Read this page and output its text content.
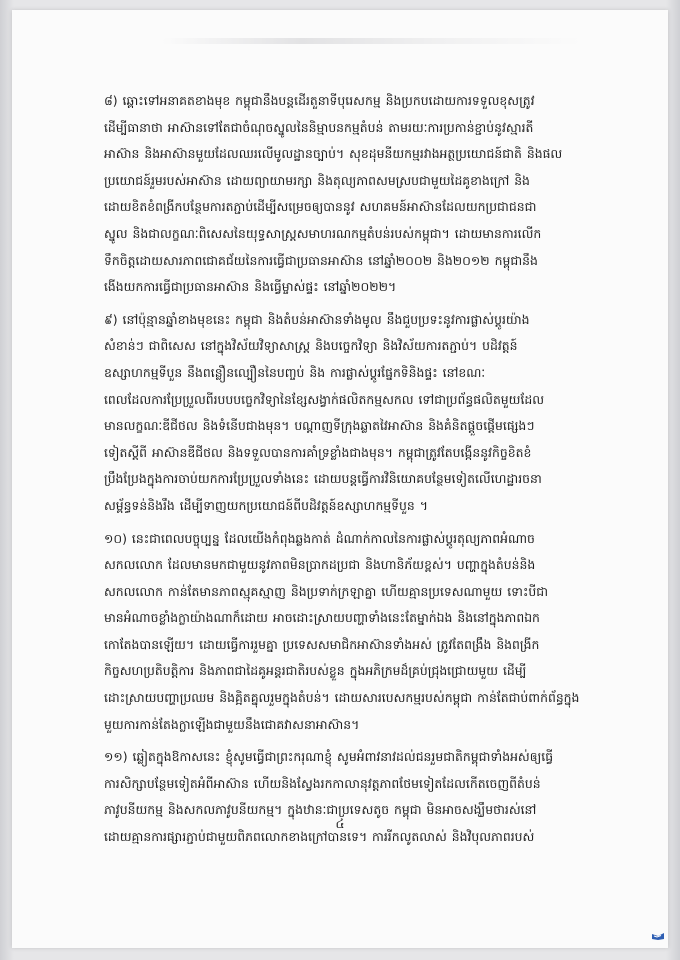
៨) ឆ្ពោះទៅអនាគតខាងមុខ កម្ពុជានឹងបន្តដើរតួនាទីបុរេសកម្ម និងប្រកបដោយការទទួលខុសត្រូវ
ដើម្បីធានាថា អាស៊ានទៅតែជាចំណុចស្នូលនៃនិម្មាបនកម្មតំបន់ តាមរយៈការប្រកាន់ខ្ជាប់នូវស្មារតី
អាស៊ាន និងអាស៊ានមួយដែលឈរលើមូលដ្ឋានច្បាប់។ សុខដុមនីយកម្មរវាងអត្ថប្រយោជន៍ជាតិ និងផល
ប្រយោជន៍រួមរបស់អាស៊ាន ដោយព្យាយាមរក្សា និងតុល្យភាពសមស្របជាមួយដៃគូខាងក្រៅ និង
ដោយខិតខំពង្រីកបន្ថែមការតភ្ជាប់ដើម្បីសម្រេចឲ្យបាននូវ សហគមន៍អាស៊ានដែលយកប្រជាជនជា
ស្នូល និងជាលក្ខណៈពិសេសនៃយុទ្ធសាស្ត្រសមាហរណកម្មតំបន់របស់កម្ពុជា។ ដោយមានការលើក
ទឹកចិត្តដោយសារភាពជោគជ័យនៃការធ្វើជាប្រធានអាស៊ាន នៅឆ្នាំ២០០២ និង២០១២ កម្ពុជានឹង
ងើងយកការធ្វើជាប្រធានអាស៊ាន និងធ្វើម្ចាស់ផ្ទះ នៅឆ្នាំ២០២២។
៩) នៅប៉ុន្មានឆ្នាំខាងមុខនេះ កម្ពុជា និងតំបន់អាស៊ានទាំងមូល នឹងជួបប្រទះនូវការផ្លាស់ប្តូរយ៉ាង
សំខាន់ៗ ជាពិសេស នៅក្នុងវិស័យវិទ្យាសាស្ត្រ និងបច្ចេកវិទ្យា និងវិស័យការតភ្ជាប់។ បដិវត្តន៍
ឧស្សាហកម្មទីបួន នឹងពន្លឿនល្បឿននៃបញ្ចប់ និង ការផ្លាស់ប្តូរផ្នែកទិនិងផ្ទះ នៅខណៈ
ពេលដែលការប្រែប្រួលពីរបបបច្ចេកវិទ្យានៃខ្សែសង្វាក់ផលិតកម្មសកល ទៅជាប្រព័ន្ធផលិតមួយដែល
មានលក្ខណៈឌីជីថល និងទំនើបជាងមុន។ បណ្តាញទីក្រុងឆ្លាតវៃអាស៊ាន និងគំនិតផ្តួចផ្តើមផ្សេងៗ
ទៀតស្តីពី អាស៊ានឌីជីថល និងទទួលបានការគាំទ្រខ្លាំងជាងមុន។ កម្ពុជាត្រូវតែបង្កើននូវកិច្ចខិតខំ
ប្រឹងប្រែងក្នុងការចាប់យកការប្រែប្រួលទាំងនេះ ដោយបន្តធ្វើការវិនិយោគបន្ថែមទៀតលើហេដ្ឋារចនា
សម្ព័ន្ធទន់និងរឹង ដើម្បីទាញយកប្រយោជន៍ពីបដិវត្តន៍ឧស្សាហកម្មទីបួន ។
១០) នេះជាពេលបច្ចុប្បន្ន ដែលយើងកំពុងឆ្លងកាត់ ដំណាក់កាលនៃការផ្លាស់ប្តូរតុល្យភាពអំណាច
សកលលោក ដែលមានមកជាមួយនូវភាពមិនប្រាកដប្រជា និងហានិភ័យខ្ពស់។ បញ្ហាក្នុងតំបន់និង
សកលលោក កាន់តែមានភាពស្មុគស្មាញ និងប្រទាក់ក្រឡាគ្នា ហើយគ្មានប្រទេសណាមួយ ទោះបីជា
មានអំណាចខ្លាំងក្លាយ៉ាងណាក៏ដោយ អាចដោះស្រាយបញ្ហាទាំងនេះតែម្នាក់ឯង និងនៅក្នុងភាពឯក
កោតែងបានឡើយ។ ដោយធ្វើការរួមគ្នា ប្រទេសសមាជិកអាស៊ានទាំងអស់ ត្រូវតែពង្រឹង និងពង្រីក
កិច្ចសហប្រតិបត្តិការ និងភាពជាដៃគូអន្តរជាតិរបស់ខ្លួន ក្នុងអភិក្រមដ៏គ្រប់ជ្រុងជ្រោយមួយ ដើម្បី
ដោះស្រាយបញ្ហាប្រឈម និងគ្អិតគ្នុលរួមក្នុងតំបន់។ ដោយសារបេសកម្មរបស់កម្ពុជា កាន់តែជាប់ពាក់ព័ន្ធក្នុង
មួយការកាន់តែងក្លាឡើងជាមួយនឹងជោគវាសនាអាស៊ាន។
១១) ឆ្លៀតក្នុងឱកាសនេះ ខ្ញុំសូមធ្វើជាព្រះករុណាខ្ញុំ សូមអំពាវនាវដល់ជនរួមជាតិកម្ពុជាទាំងអស់ឲ្យធ្វើ
ការសិក្សាបន្ថែមទៀតអំពីអាស៊ាន ហើយនិងស្វែងរកកាលានុវត្តភាពថែមទៀតដែលកើតចេញពីតំបន់
ភាវូបនីយកម្ម និងសកលភាវូបនីយកម្ម។ ក្នុងឋានៈជាប្រទេសតូច កម្ពុជា មិនអាចសង្ឃឹមថារស់នៅ
ដោយគ្មានការផ្សារភ្ជាប់ជាមួយពិភពលោកខាងក្រៅបានទេ។ ការរីកលូតលាស់ និងវិបុលភាពរបស់
៤
